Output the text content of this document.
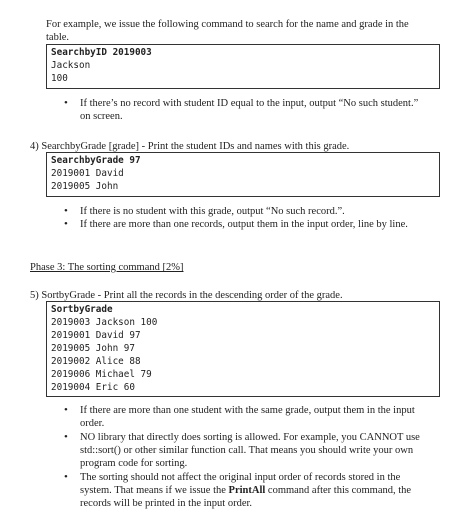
For example, we issue the following command to search for the name and grade in the
table.
SearchbyID 2019003
Jackson
100
• If there’s no record with student ID equal to the input, output “No such student.”
on screen.
4) SearchbyGrade [grade] - Print the student IDs and names with this grade.
SearchbyGrade 97
2019001 David
2019005 John
• If there is no student with this grade, output “No such record.”.
• If there are more than one records, output them in the input order, line by line.
Phase 3: The sorting command [2%]
5) SortbyGrade - Print all the records in the descending order of the grade.
SortbyGrade
2019003 Jackson 100
2019001 David 97
2019005 John 97
2019002 Alice 88
2019006 Michael 79
2019004 Eric 60
• If there are more than one student with the same grade, output them in the input
order.
• NO library that directly does sorting is allowed. For example, you CANNOT use
std::sort() or other similar function call. That means you should write your own
program code for sorting.
• The sorting should not affect the original input order of records stored in the
system. That means if we issue the PrintAll command after this command, the
records will be printed in the input order.
